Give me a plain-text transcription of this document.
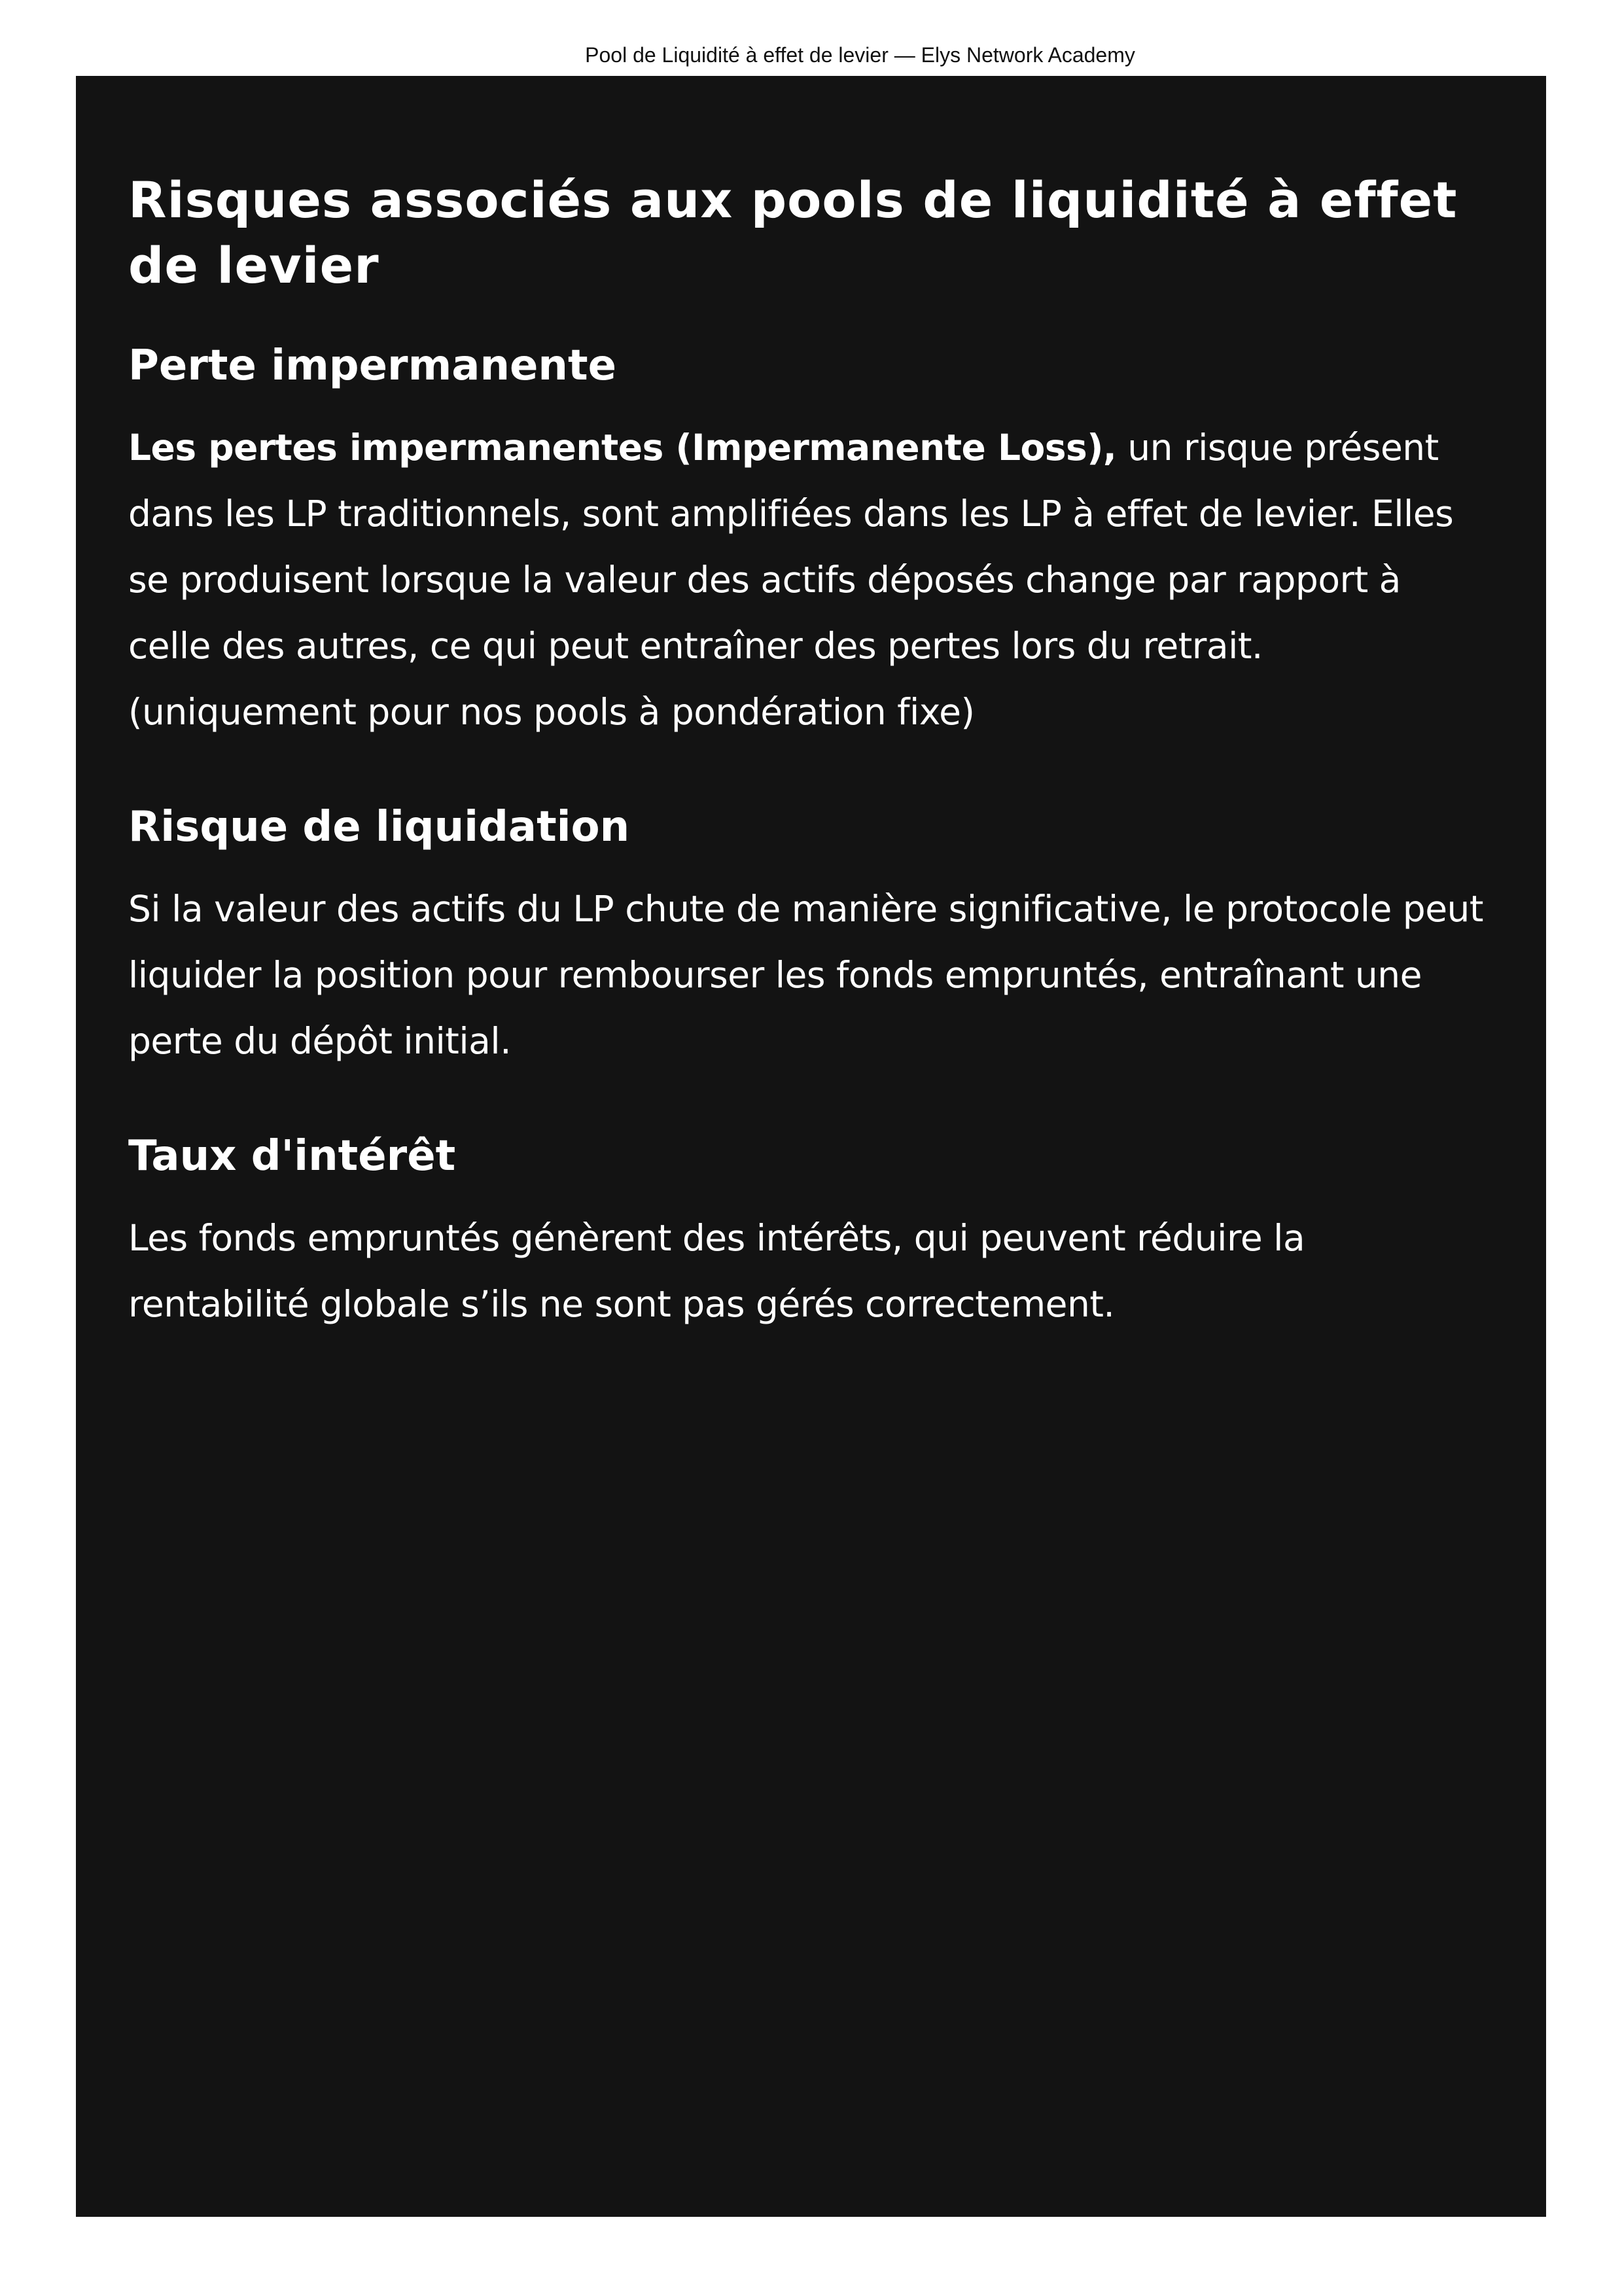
Pool de Liquidité à effet de levier — Elys Network Academy
Risques associés aux pools de liquidité à effet de levier
Perte impermanente

Les pertes impermanentes (Impermanente Loss), un risque présent dans les LP traditionnels, sont amplifiées dans les LP à effet de levier. Elles se produisent lorsque la valeur des actifs déposés change par rapport à celle des autres, ce qui peut entraîner des pertes lors du retrait. (uniquement pour nos pools à pondération fixe)

Risque de liquidation

Si la valeur des actifs du LP chute de manière significative, le protocole peut liquider la position pour rembourser les fonds empruntés, entraînant une perte du dépôt initial.

Taux d'intérêt

Les fonds empruntés génèrent des intérêts, qui peuvent réduire la rentabilité globale s’ils ne sont pas gérés correctement.
